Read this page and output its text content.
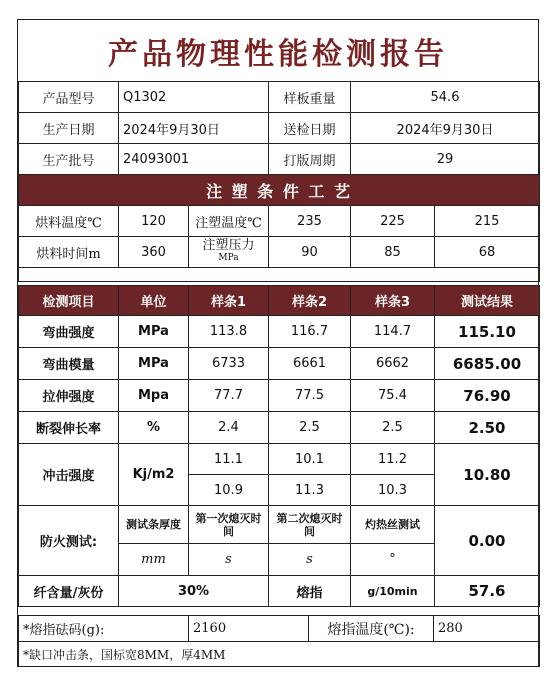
产品物理性能检测报告
产品型号	Q1302	样板重量	54.6
生产日期	2024年9月30日	送检日期	2024年9月30日
生产批号	24093001	打版周期	29
注 塑 条 件 工 艺					
烘料温度℃	120	注塑温度℃	235	225	215
烘料时间m	360	注塑压力
MPa	90	85	68

检测项目	单位	样条1	样条2	样条3	测试结果
弯曲强度	MPa	113.8	116.7	114.7	115.10
弯曲模量	MPa	6733	6661	6662	6685.00
拉伸强度	Mpa	77.7	77.5	75.4	76.90
断裂伸长率	%	2.4	2.5	2.5	2.50
冲击强度	Kj/m2	11.1	10.1	11.2	10.80
		10.9	11.3	10.3	
防火测试:	测试条厚度	第一次熄灭时间	第二次熄灭时间	灼热丝测试	0.00
	mm	s	s	°	
纤含量/灰份	30%		熔指	g/10min	57.6
*熔指砝码(g):	2160	熔指温度(℃):	280
*缺口冲击条，国标宽8MM，厚4MM
